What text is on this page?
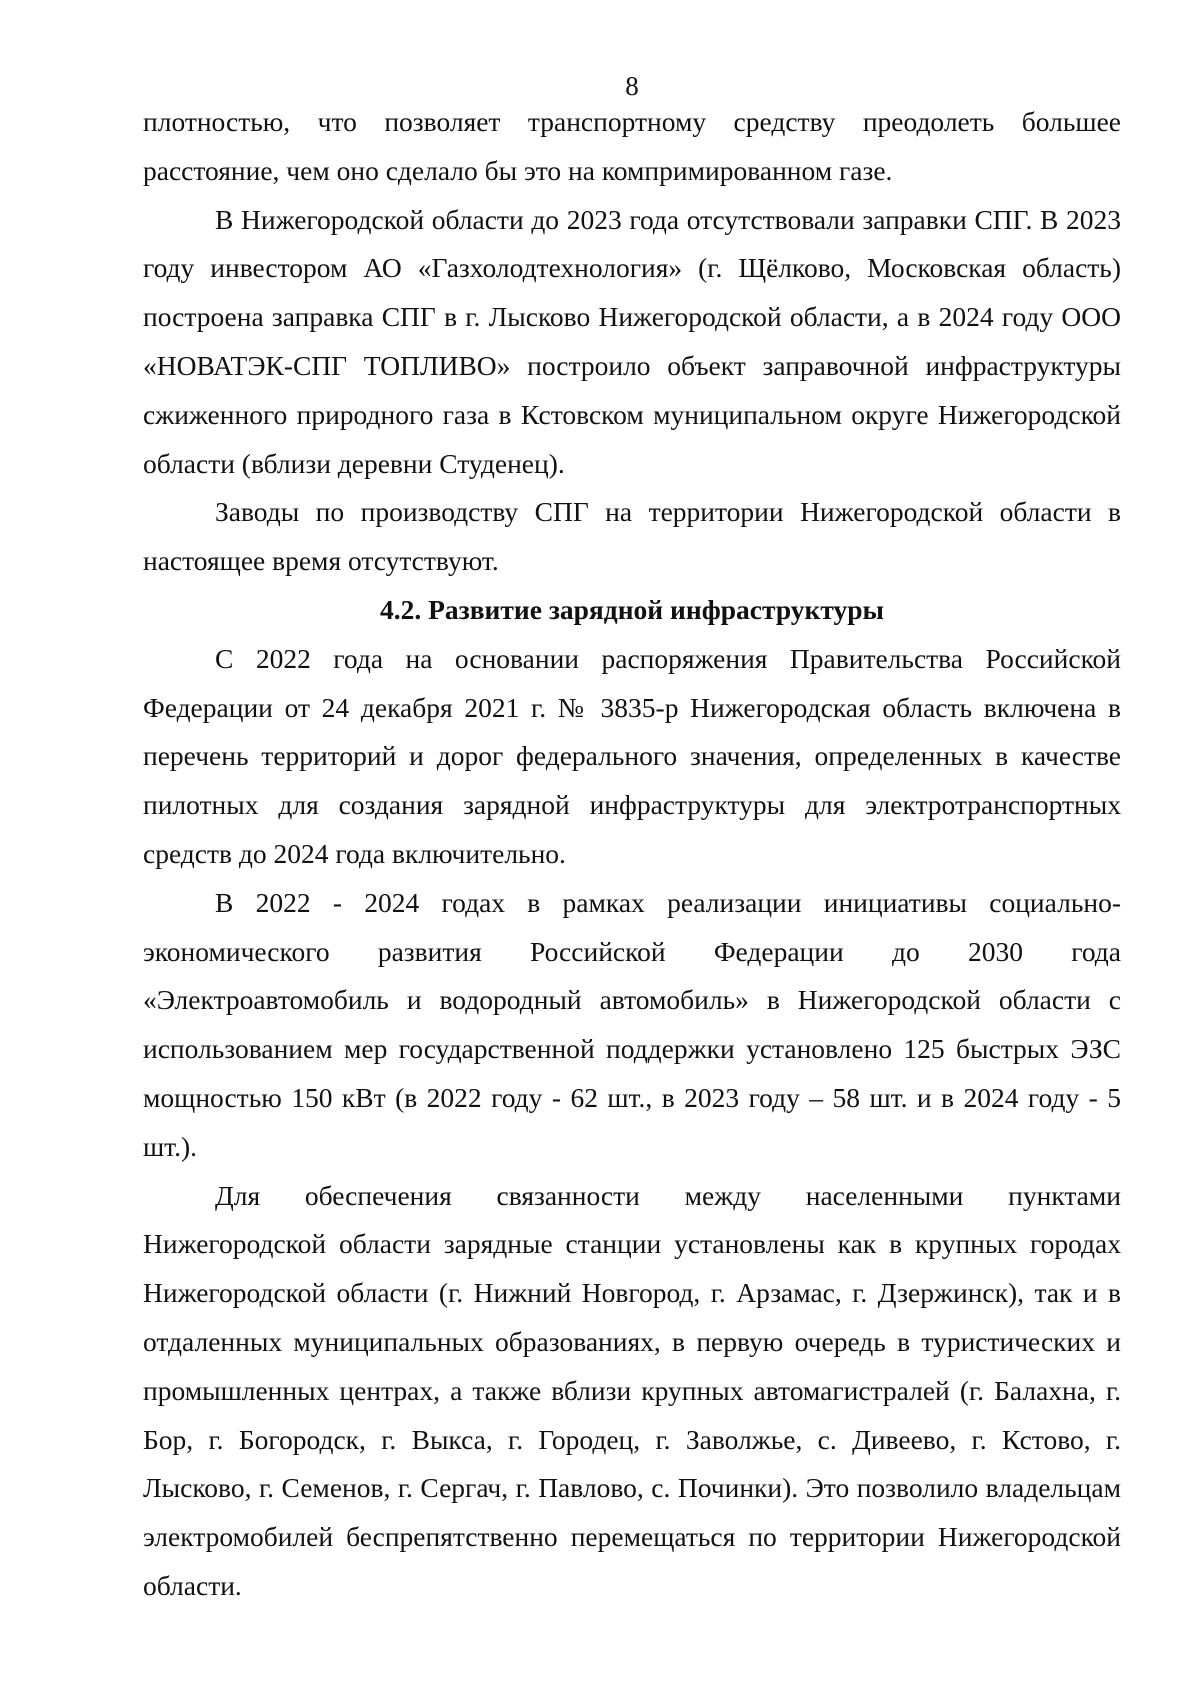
8

плотностью, что позволяет транспортному средству преодолеть большее расстояние, чем оно сделало бы это на компримированном газе.

В Нижегородской области до 2023 года отсутствовали заправки СПГ. В 2023 году инвестором АО «Газхолодтехнология» (г. Щёлково, Московская область) построена заправка СПГ в г. Лысково Нижегородской области, а в 2024 году ООО «НОВАТЭК-СПГ ТОПЛИВО» построило объект заправочной инфраструктуры сжиженного природного газа в Кстовском муниципальном округе Нижегородской области (вблизи деревни Студенец).

Заводы по производству СПГ на территории Нижегородской области в настоящее время отсутствуют.

4.2. Развитие зарядной инфраструктуры

С 2022 года на основании распоряжения Правительства Российской Федерации от 24 декабря 2021 г. № 3835-р Нижегородская область включена в перечень территорий и дорог федерального значения, определенных в качестве пилотных для создания зарядной инфраструктуры для электротранспортных средств до 2024 года включительно.

В 2022 - 2024 годах в рамках реализации инициативы социально-экономического развития Российской Федерации до 2030 года «Электроавтомобиль и водородный автомобиль» в Нижегородской области с использованием мер государственной поддержки установлено 125 быстрых ЭЗС мощностью 150 кВт (в 2022 году - 62 шт., в 2023 году – 58 шт. и в 2024 году - 5 шт.).

Для обеспечения связанности между населенными пунктами Нижегородской области зарядные станции установлены как в крупных городах Нижегородской области (г. Нижний Новгород, г. Арзамас, г. Дзержинск), так и в отдаленных муниципальных образованиях, в первую очередь в туристических и промышленных центрах, а также вблизи крупных автомагистралей (г. Балахна, г. Бор, г. Богородск, г. Выкса, г. Городец, г. Заволжье, с. Дивеево, г. Кстово, г. Лысково, г. Семенов, г. Сергач, г. Павлово, с. Починки). Это позволило владельцам электромобилей беспрепятственно перемещаться по территории Нижегородской области.
